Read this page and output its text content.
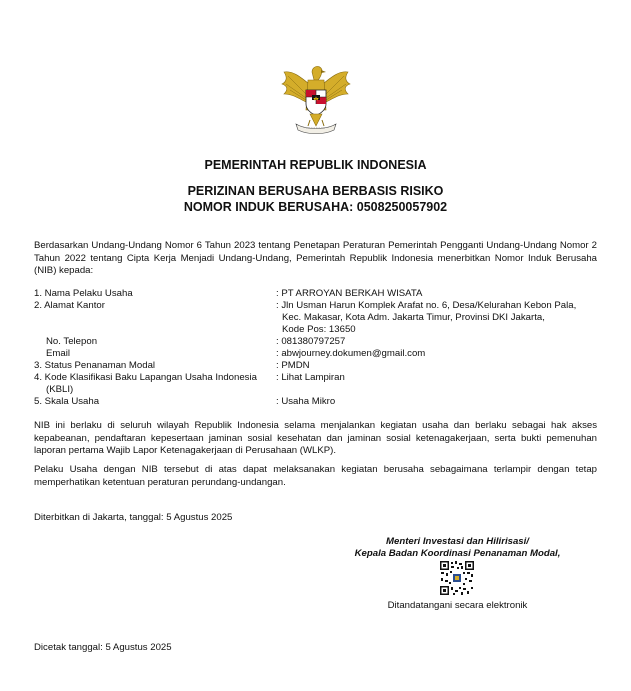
PEMERINTAH REPUBLIK INDONESIA
PERIZINAN BERUSAHA BERBASIS RISIKO
NOMOR INDUK BERUSAHA: 0508250057902
Berdasarkan Undang-Undang Nomor 6 Tahun 2023 tentang Penetapan Peraturan Pemerintah Pengganti Undang-Undang Nomor 2 Tahun 2022 tentang Cipta Kerja Menjadi Undang-Undang, Pemerintah Republik Indonesia menerbitkan Nomor Induk Berusaha (NIB) kepada:
1. Nama Pelaku Usaha	: PT ARROYAN BERKAH WISATA
2. Alamat Kantor	: Jln Usman Harun Komplek Arafat no. 6, Desa/Kelurahan Kebon Pala,
Kec. Makasar, Kota Adm. Jakarta Timur, Provinsi DKI Jakarta,
Kode Pos: 13650
No. Telepon	: 081380797257
Email	: abwjourney.dokumen@gmail.com
3. Status Penanaman Modal	: PMDN
4. Kode Klasifikasi Baku Lapangan Usaha Indonesia	: Lihat Lampiran
(KBLI)
5. Skala Usaha	: Usaha Mikro
NIB ini berlaku di seluruh wilayah Republik Indonesia selama menjalankan kegiatan usaha dan berlaku sebagai hak akses kepabeanan, pendaftaran kepesertaan jaminan sosial kesehatan dan jaminan sosial ketenagakerjaan, serta bukti pemenuhan laporan pertama Wajib Lapor Ketenagakerjaan di Perusahaan (WLKP).
Pelaku Usaha dengan NIB tersebut di atas dapat melaksanakan kegiatan berusaha sebagaimana terlampir dengan tetap memperhatikan ketentuan peraturan perundang-undangan.
Diterbitkan di Jakarta, tanggal: 5 Agustus 2025
Menteri Investasi dan Hilirisasi/
Kepala Badan Koordinasi Penanaman Modal,
Ditandatangani secara elektronik
Dicetak tanggal: 5 Agustus 2025
